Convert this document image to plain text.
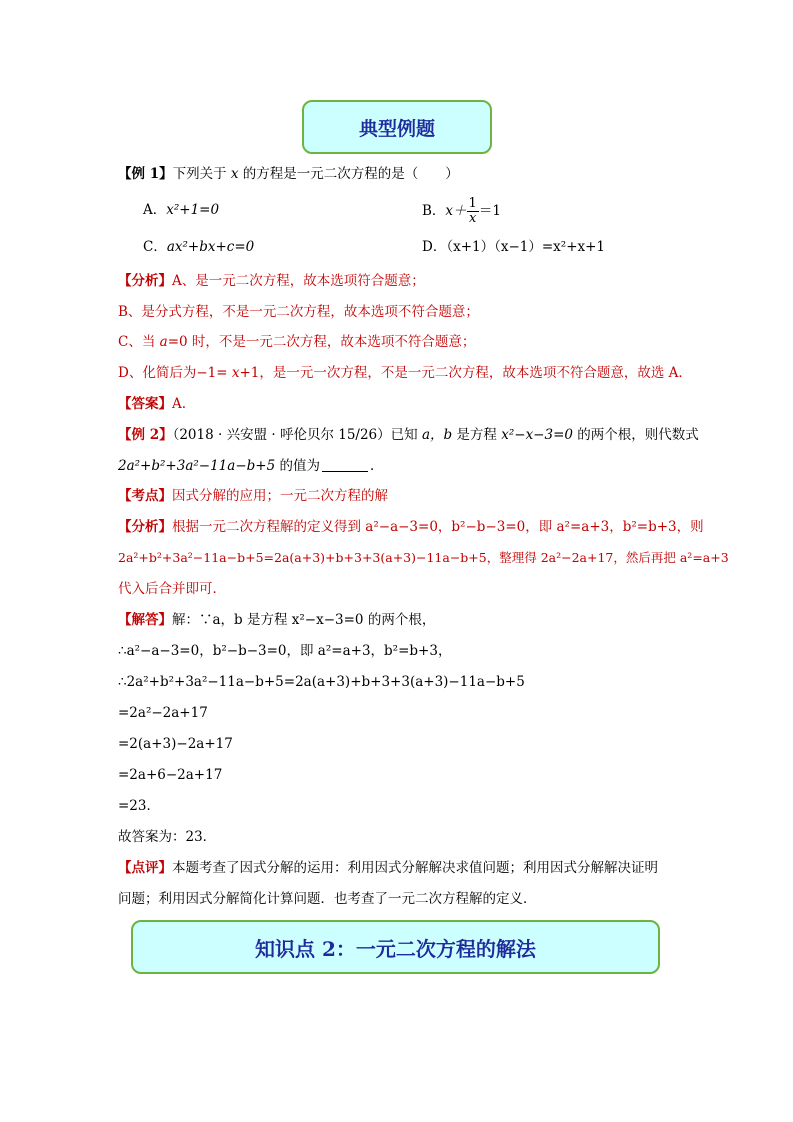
典型例题
【例 1】下列关于 x 的方程是一元二次方程的是（　　）
A．x²+1=0	B．$x+ \frac{1}{x} =1$
C．ax²+bx+c=0	D．（x+1）（x−1）=x²+x+1
【分析】A、是一元二次方程，故本选项符合题意；
B、是分式方程，不是一元二次方程，故本选项不符合题意；
C、当 a=0 时，不是一元二次方程，故本选项不符合题意；
D、化简后为−1= x+1，是一元一次方程，不是一元二次方程，故本选项不符合题意，故选 A．
【答案】A.
【例 2】（2018 · 兴安盟 · 呼伦贝尔 15/26）已知 a，b 是方程 x²−x−3=0 的两个根，则代数式
2a²+b²+3a²−11a−b+5 的值为	．
【考点】因式分解的应用；一元二次方程的解
【分析】根据一元二次方程解的定义得到 a²−a−3=0，b²−b−3=0，即 a²=a+3，b²=b+3，则
2a²+b²+3a²−11a−b+5=2a(a+3)+b+3+3(a+3)−11a−b+5，整理得 2a²−2a+17，然后再把 a²=a+3
代入后合并即可．
【解答】解：∵a，b 是方程 x²−x−3=0 的两个根，
∴a²−a−3=0，b²−b−3=0，即 a²=a+3，b²=b+3，
∴2a²+b²+3a²−11a−b+5=2a(a+3)+b+3+3(a+3)−11a−b+5
=2a²−2a+17
=2(a+3)−2a+17
=2a+6−2a+17
=23．
故答案为：23．
【点评】本题考查了因式分解的运用：利用因式分解解决求值问题；利用因式分解解决证明
问题；利用因式分解简化计算问题．也考查了一元二次方程解的定义．
知识点 2：一元二次方程的解法
